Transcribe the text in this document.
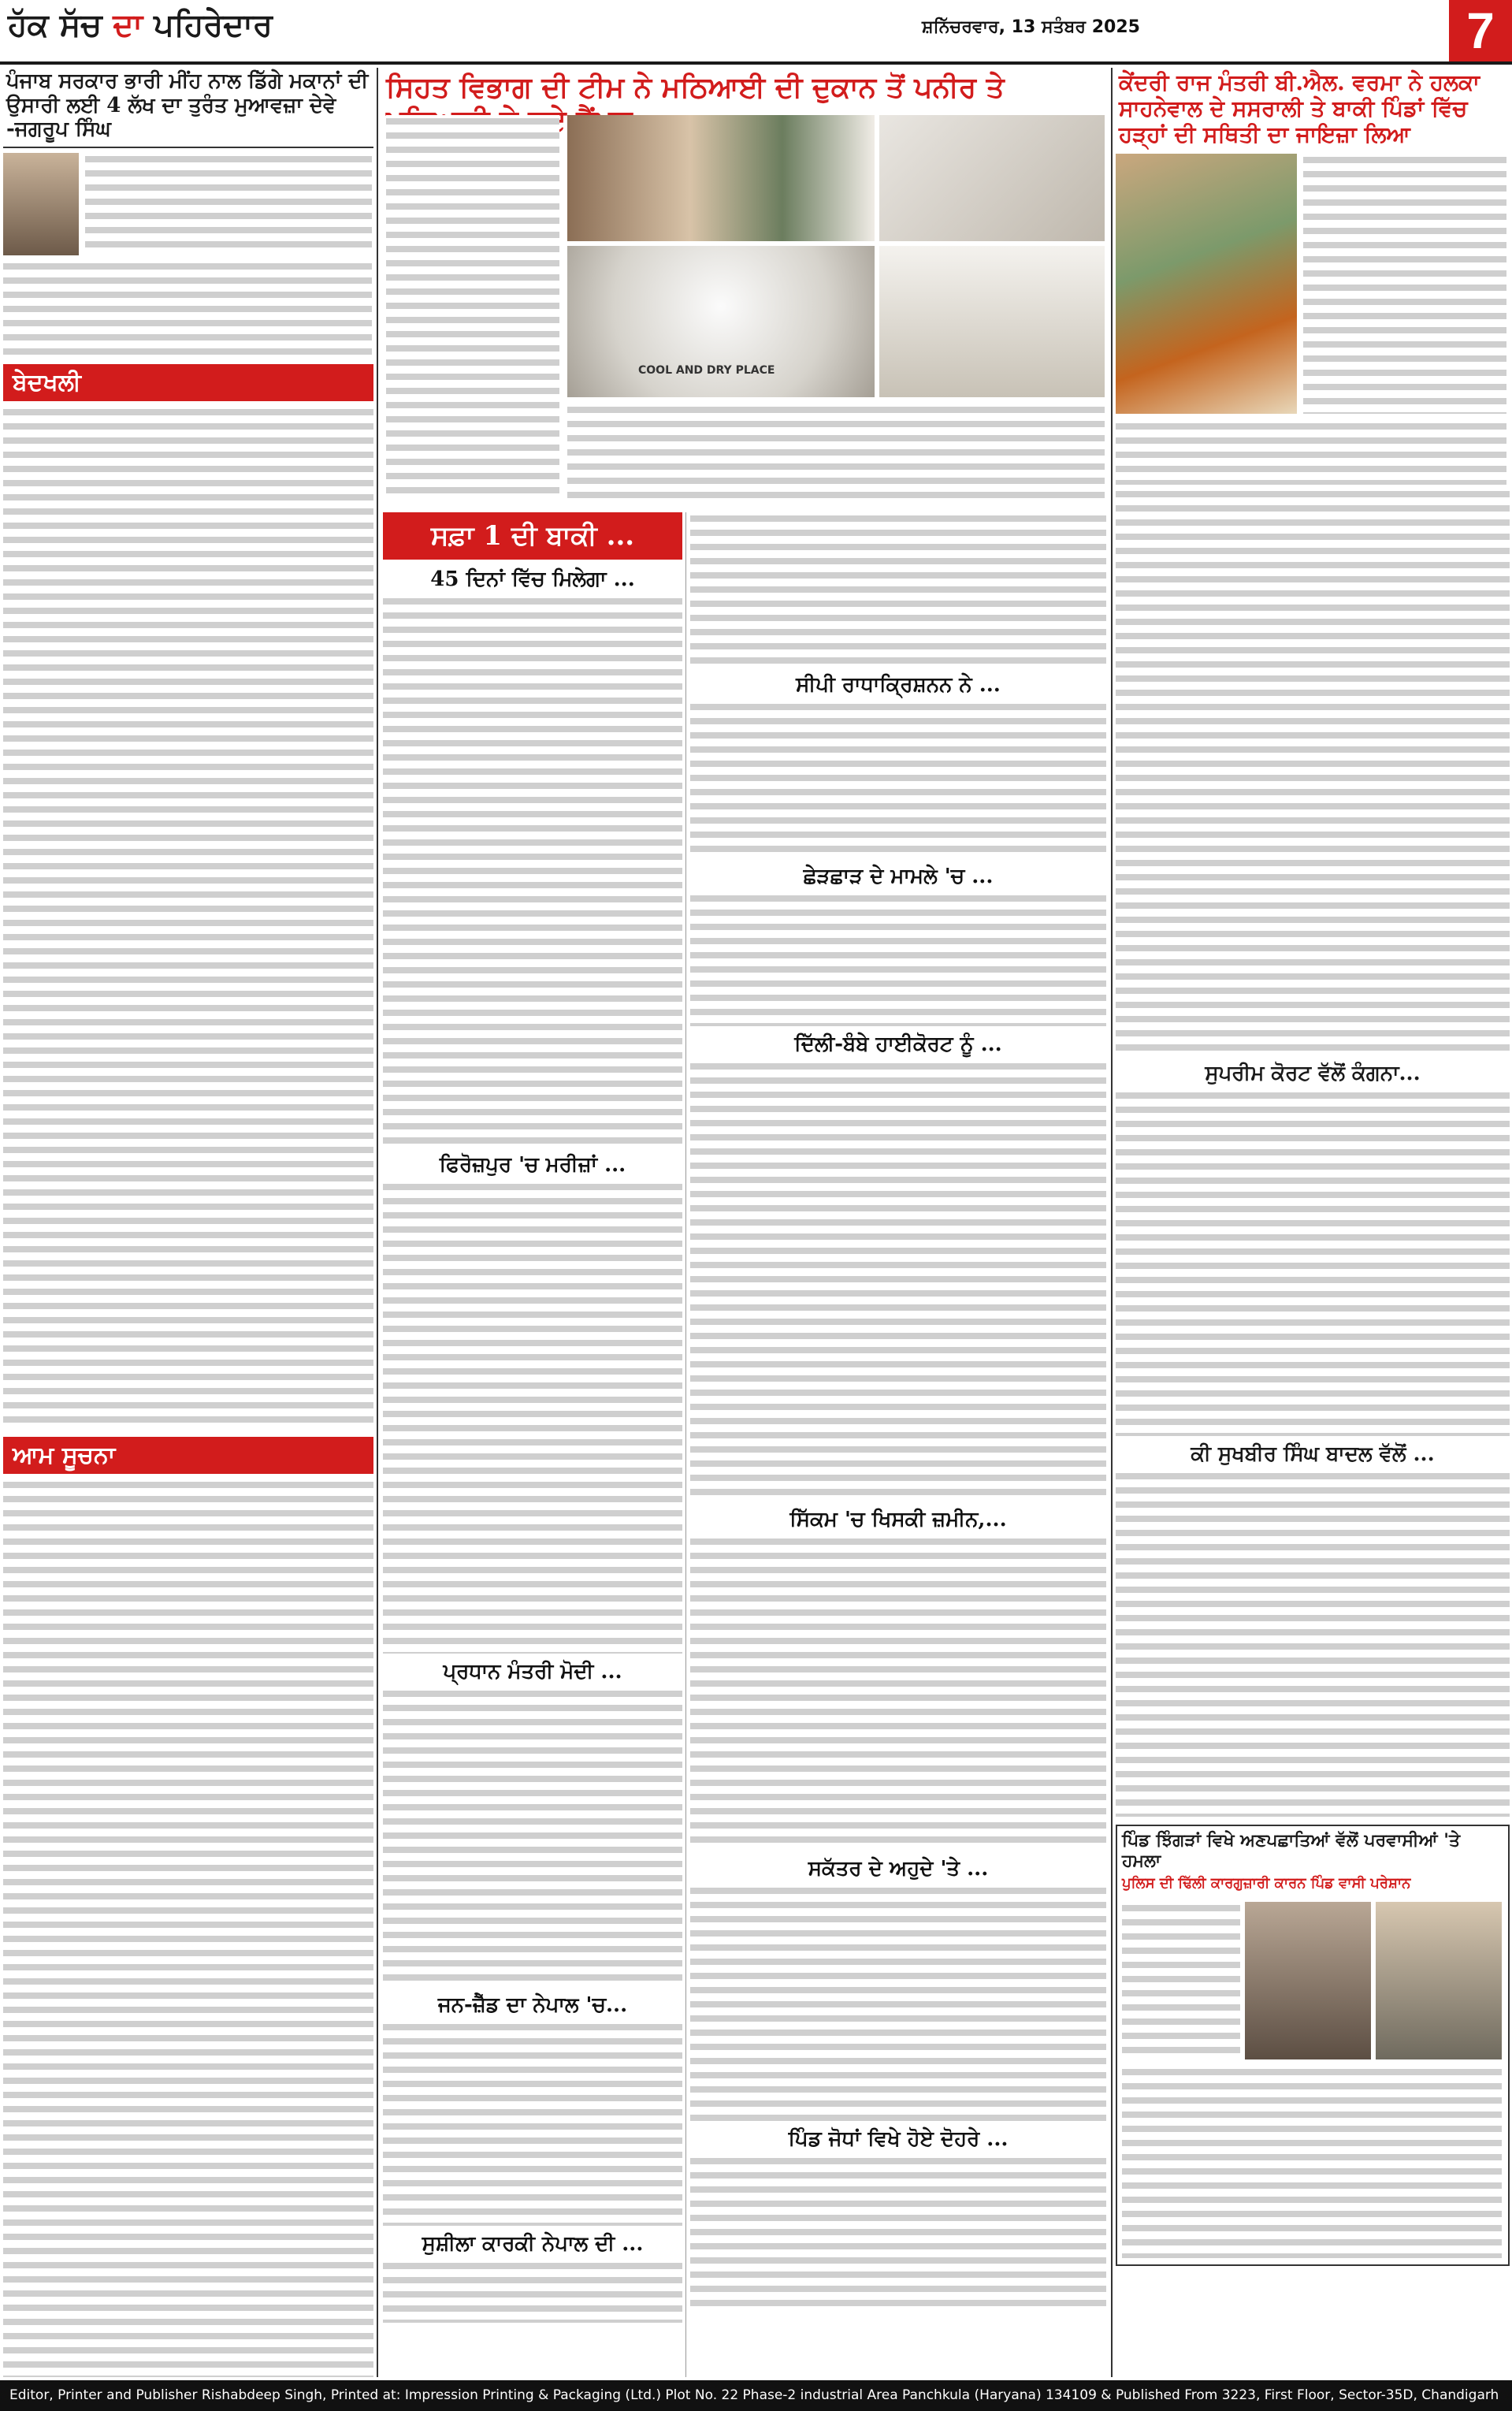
ਹੱਕ ਸੱਚ ਦਾ ਪਹਿਰੇਦਾਰ	ਸ਼ਨਿੱਚਰਵਾਰ, 13 ਸਤੰਬਰ 2025	7
ਪੰਜਾਬ ਸਰਕਾਰ ਭਾਰੀ ਮੀਂਹ ਨਾਲ ਡਿੱਗੇ ਮਕਾਨਾਂ ਦੀ ਉਸਾਰੀ ਲਈ 4 ਲੱਖ ਦਾ ਤੁਰੰਤ ਮੁਆਵਜ਼ਾ ਦੇਵੇ -ਜਗਰੂਪ ਸਿੰਘ
ਬੇਦਖਲੀ
ਆਮ ਸੂਚਨਾ
ਸਿਹਤ ਵਿਭਾਗ ਦੀ ਟੀਮ ਨੇ ਮਠਿਆਈ ਦੀ ਦੁਕਾਨ ਤੋਂ ਪਨੀਰ ਤੇ
COOL AND DRY PLACE
ਸਫ਼ਾ 1 ਦੀ ਬਾਕੀ ...
45 ਦਿਨਾਂ ਵਿੱਚ ਮਿਲੇਗਾ ...
ਫਿਰੋਜ਼ਪੁਰ 'ਚ ਮਰੀਜ਼ਾਂ ...
ਪ੍ਰਧਾਨ ਮੰਤਰੀ ਮੋਦੀ ...
ਜਨ-ਜ਼ੈੱਡ ਦਾ ਨੇਪਾਲ 'ਚ...
ਸੁਸ਼ੀਲਾ ਕਾਰਕੀ ਨੇਪਾਲ ਦੀ ...
ਸੀਪੀ ਰਾਧਾਕ੍ਰਿਸ਼ਨਨ ਨੇ ...
ਛੇੜਛਾੜ ਦੇ ਮਾਮਲੇ 'ਚ ...
ਦਿੱਲੀ-ਬੰਬੇ ਹਾਈਕੋਰਟ ਨੂੰ ...
ਸਿੱਕਮ 'ਚ ਖਿਸਕੀ ਜ਼ਮੀਨ,...
ਸਕੱਤਰ ਦੇ ਅਹੁਦੇ 'ਤੇ ...
ਪਿੰਡ ਜੋਧਾਂ ਵਿਖੇ ਹੋਏ ਦੋਹਰੇ ...
ਕੇਂਦਰੀ ਰਾਜ ਮੰਤਰੀ ਬੀ.ਐਲ. ਵਰਮਾ ਨੇ ਹਲਕਾ ਸਾਹਨੇਵਾਲ ਦੇ ਸਸਰਾਲੀ ਤੇ ਬਾਕੀ ਪਿੰਡਾਂ ਵਿੱਚ ਹੜ੍ਹਾਂ ਦੀ ਸਥਿਤੀ ਦਾ ਜਾਇਜ਼ਾ ਲਿਆ
ਸੁਪਰੀਮ ਕੋਰਟ ਵੱਲੋਂ ਕੰਗਨਾ...
ਕੀ ਸੁਖਬੀਰ ਸਿੰਘ ਬਾਦਲ ਵੱਲੋਂ ...
ਪਿੰਡ ਝਿੰਗੜਾਂ ਵਿਖੇ ਅਣਪਛਾਤਿਆਂ ਵੱਲੋਂ ਪਰਵਾਸੀਆਂ 'ਤੇ ਹਮਲਾ
ਪੁਲਿਸ ਦੀ ਢਿੱਲੀ ਕਾਰਗੁਜ਼ਾਰੀ ਕਾਰਨ ਪਿੰਡ ਵਾਸੀ ਪਰੇਸ਼ਾਨ
Editor, Printer and Publisher Rishabdeep Singh, Printed at: Impression Printing & Packaging (Ltd.) Plot No. 22 Phase-2 industrial Area Panchkula (Haryana) 134109 & Published From 3223, First Floor, Sector-35D, Chandigarh
